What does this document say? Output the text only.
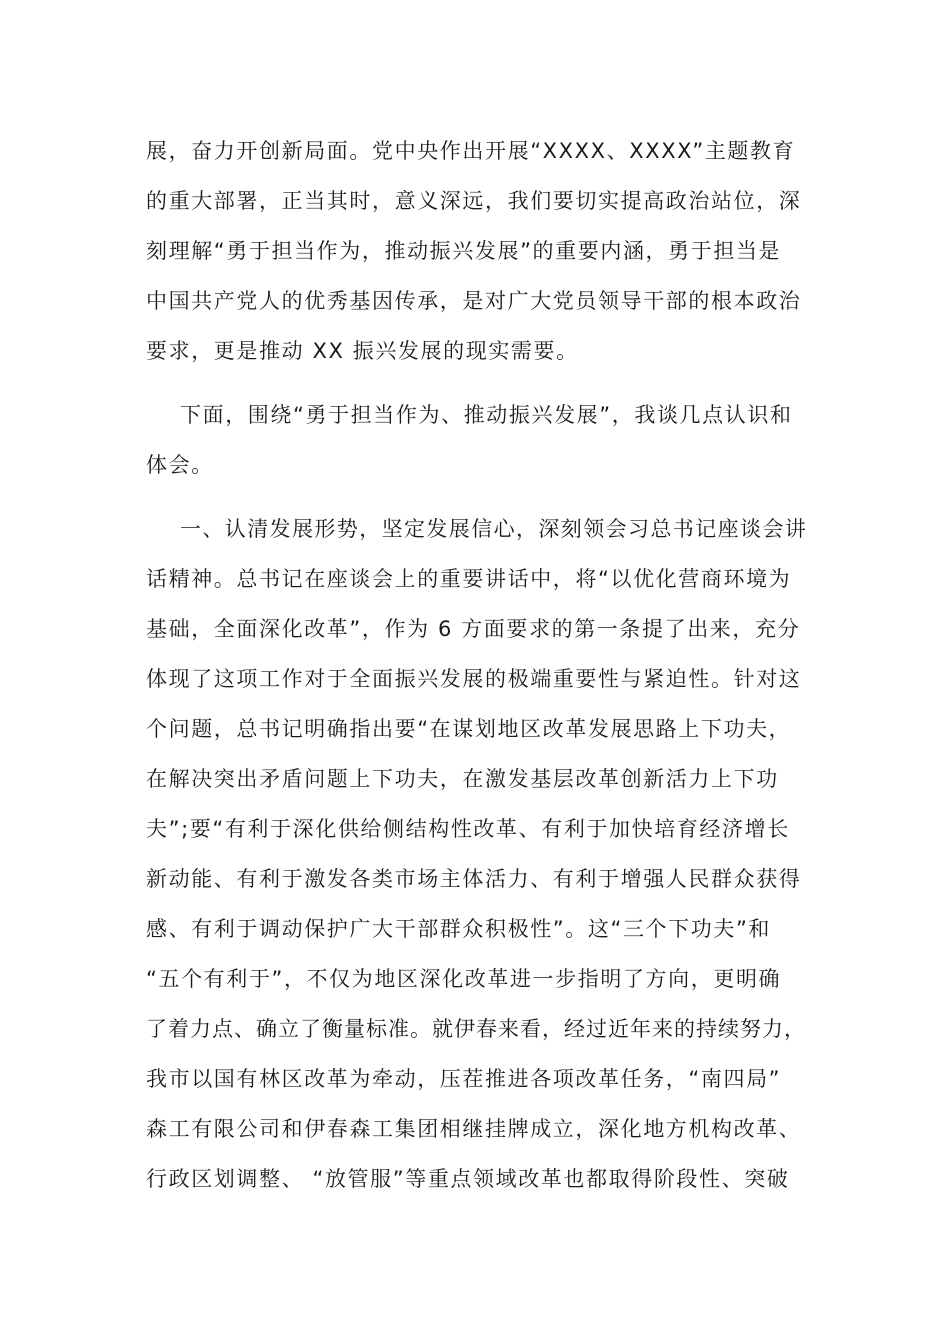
展，奋力开创新局面。党中央作出开展“XXXX、XXXX”主题教育
的重大部署，正当其时，意义深远，我们要切实提高政治站位，深
刻理解“勇于担当作为，推动振兴发展”的重要内涵，勇于担当是
中国共产党人的优秀基因传承，是对广大党员领导干部的根本政治
要求，更是推动 XX 振兴发展的现实需要。
下面，围绕“勇于担当作为、推动振兴发展”，我谈几点认识和
体会。
一、认清发展形势，坚定发展信心，深刻领会习总书记座谈会讲
话精神。总书记在座谈会上的重要讲话中，将“以优化营商环境为
基础，全面深化改革”，作为 6 方面要求的第一条提了出来，充分
体现了这项工作对于全面振兴发展的极端重要性与紧迫性。针对这
个问题，总书记明确指出要“在谋划地区改革发展思路上下功夫，
在解决突出矛盾问题上下功夫，在激发基层改革创新活力上下功
夫”;要“有利于深化供给侧结构性改革、有利于加快培育经济增长
新动能、有利于激发各类市场主体活力、有利于增强人民群众获得
感、有利于调动保护广大干部群众积极性”。这“三个下功夫”和
“五个有利于”，不仅为地区深化改革进一步指明了方向，更明确
了着力点、确立了衡量标准。就伊春来看，经过近年来的持续努力，
我市以国有林区改革为牵动，压茬推进各项改革任务，“南四局”
森工有限公司和伊春森工集团相继挂牌成立，深化地方机构改革、
行政区划调整、 “放管服”等重点领域改革也都取得阶段性、突破
